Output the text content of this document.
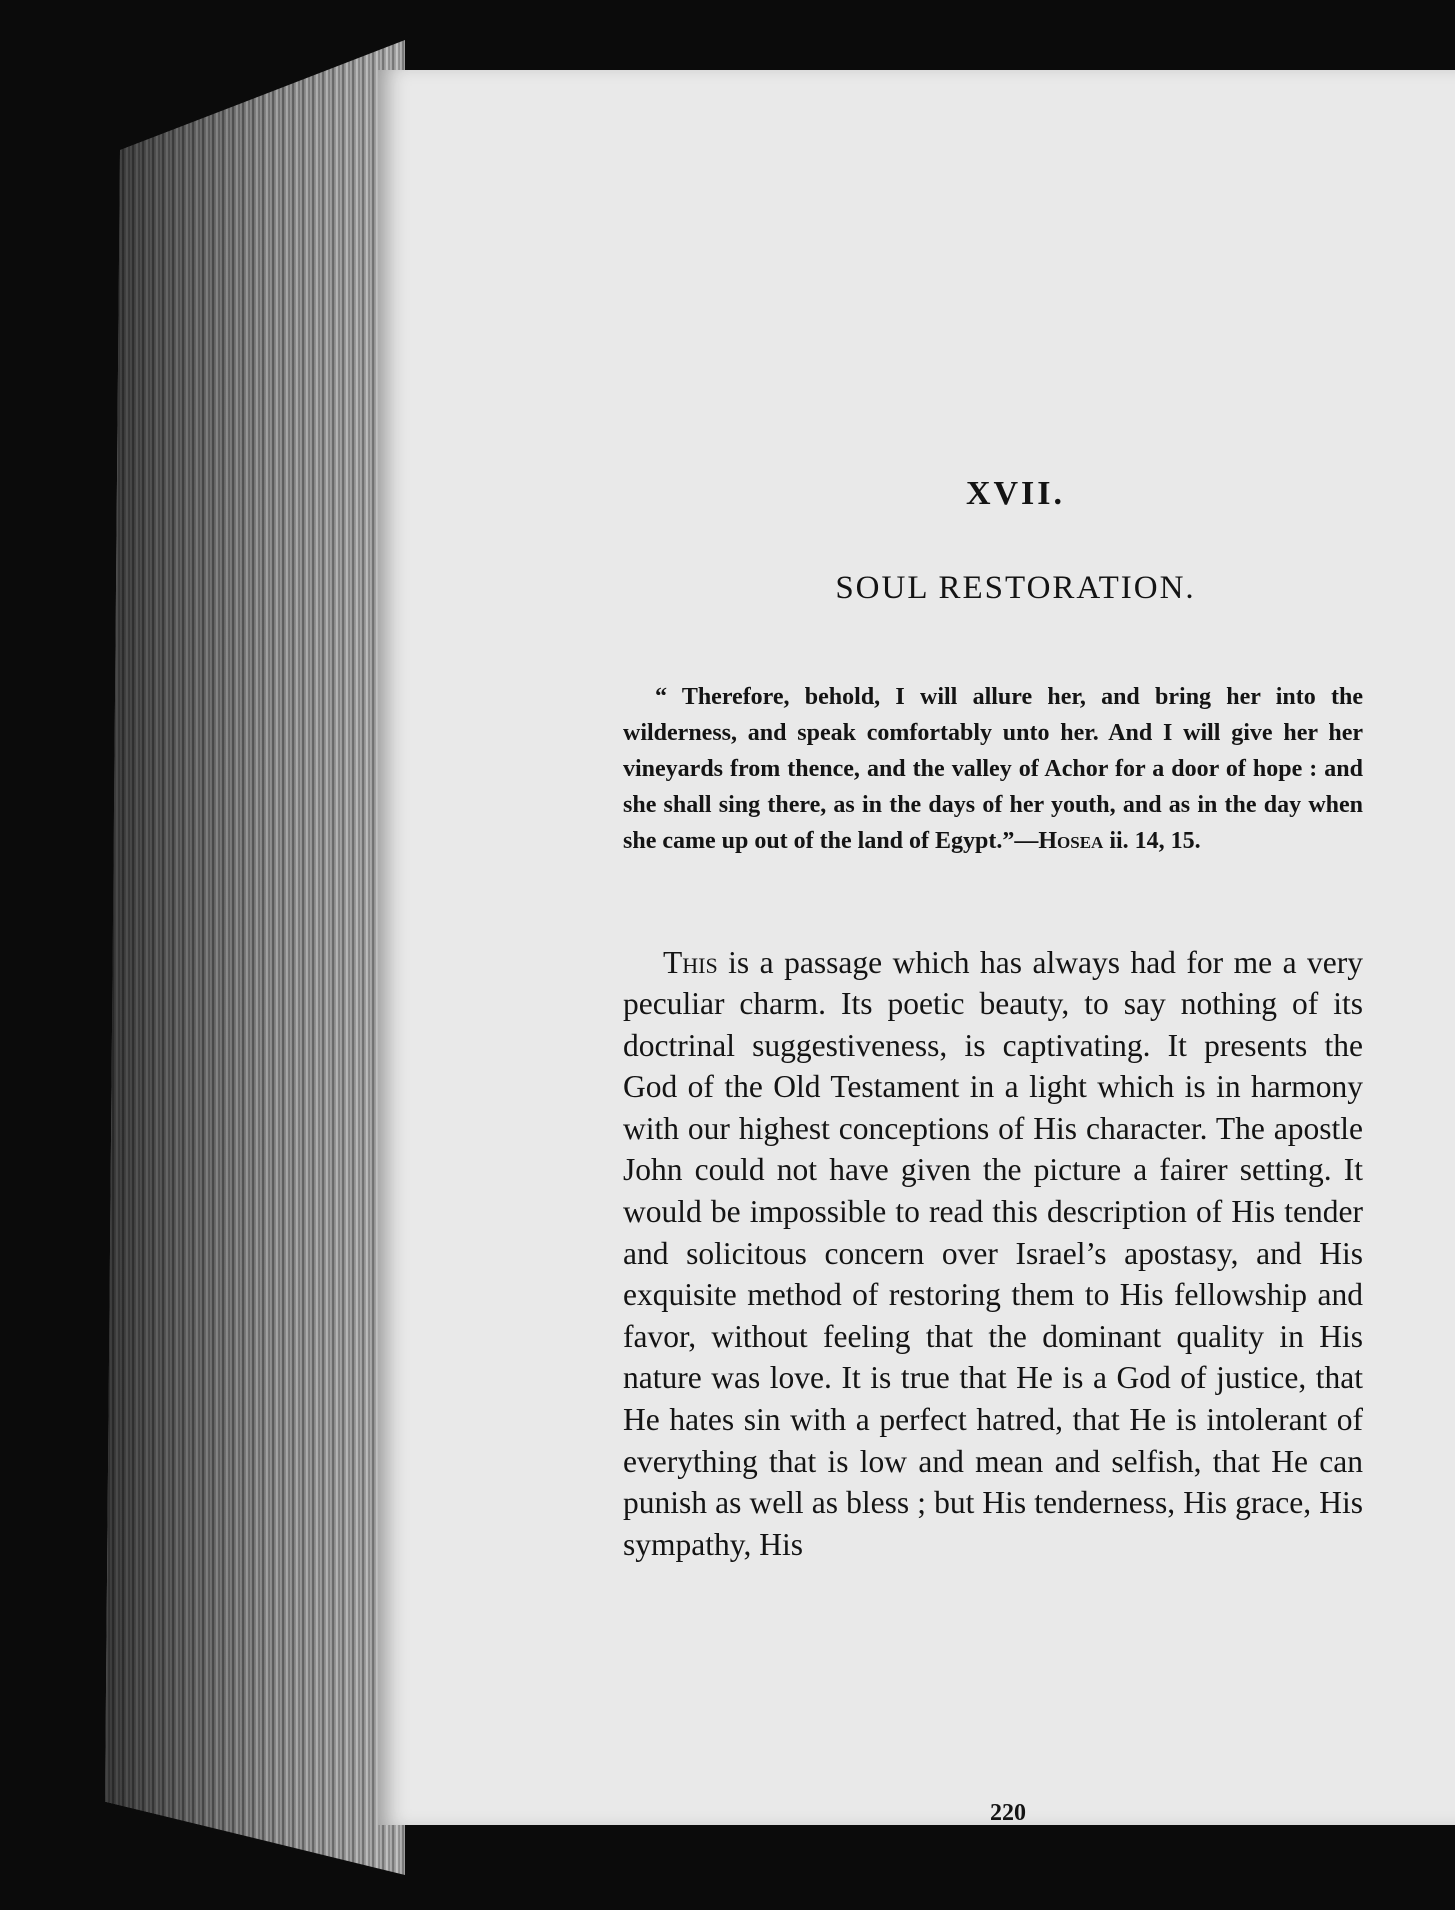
XVII.
SOUL RESTORATION.

“ Therefore, behold, I will allure her, and bring her into the wilderness, and speak comfortably unto her. And I will give her her vineyards from thence, and the valley of Achor for a door of hope : and she shall sing there, as in the days of her youth, and as in the day when she came up out of the land of Egypt.”—Hosea ii. 14, 15.

This is a passage which has always had for me a very peculiar charm. Its poetic beauty, to say nothing of its doctrinal suggestiveness, is captivating. It presents the God of the Old Testament in a light which is in harmony with our highest conceptions of His character. The apostle John could not have given the picture a fairer setting. It would be impossible to read this description of His tender and solicitous concern over Israel’s apostasy, and His exquisite method of restoring them to His fellowship and favor, without feeling that the dominant quality in His nature was love. It is true that He is a God of justice, that He hates sin with a perfect hatred, that He is intolerant of everything that is low and mean and selfish, that He can punish as well as bless ; but His tenderness, His grace, His sympathy, His

220
